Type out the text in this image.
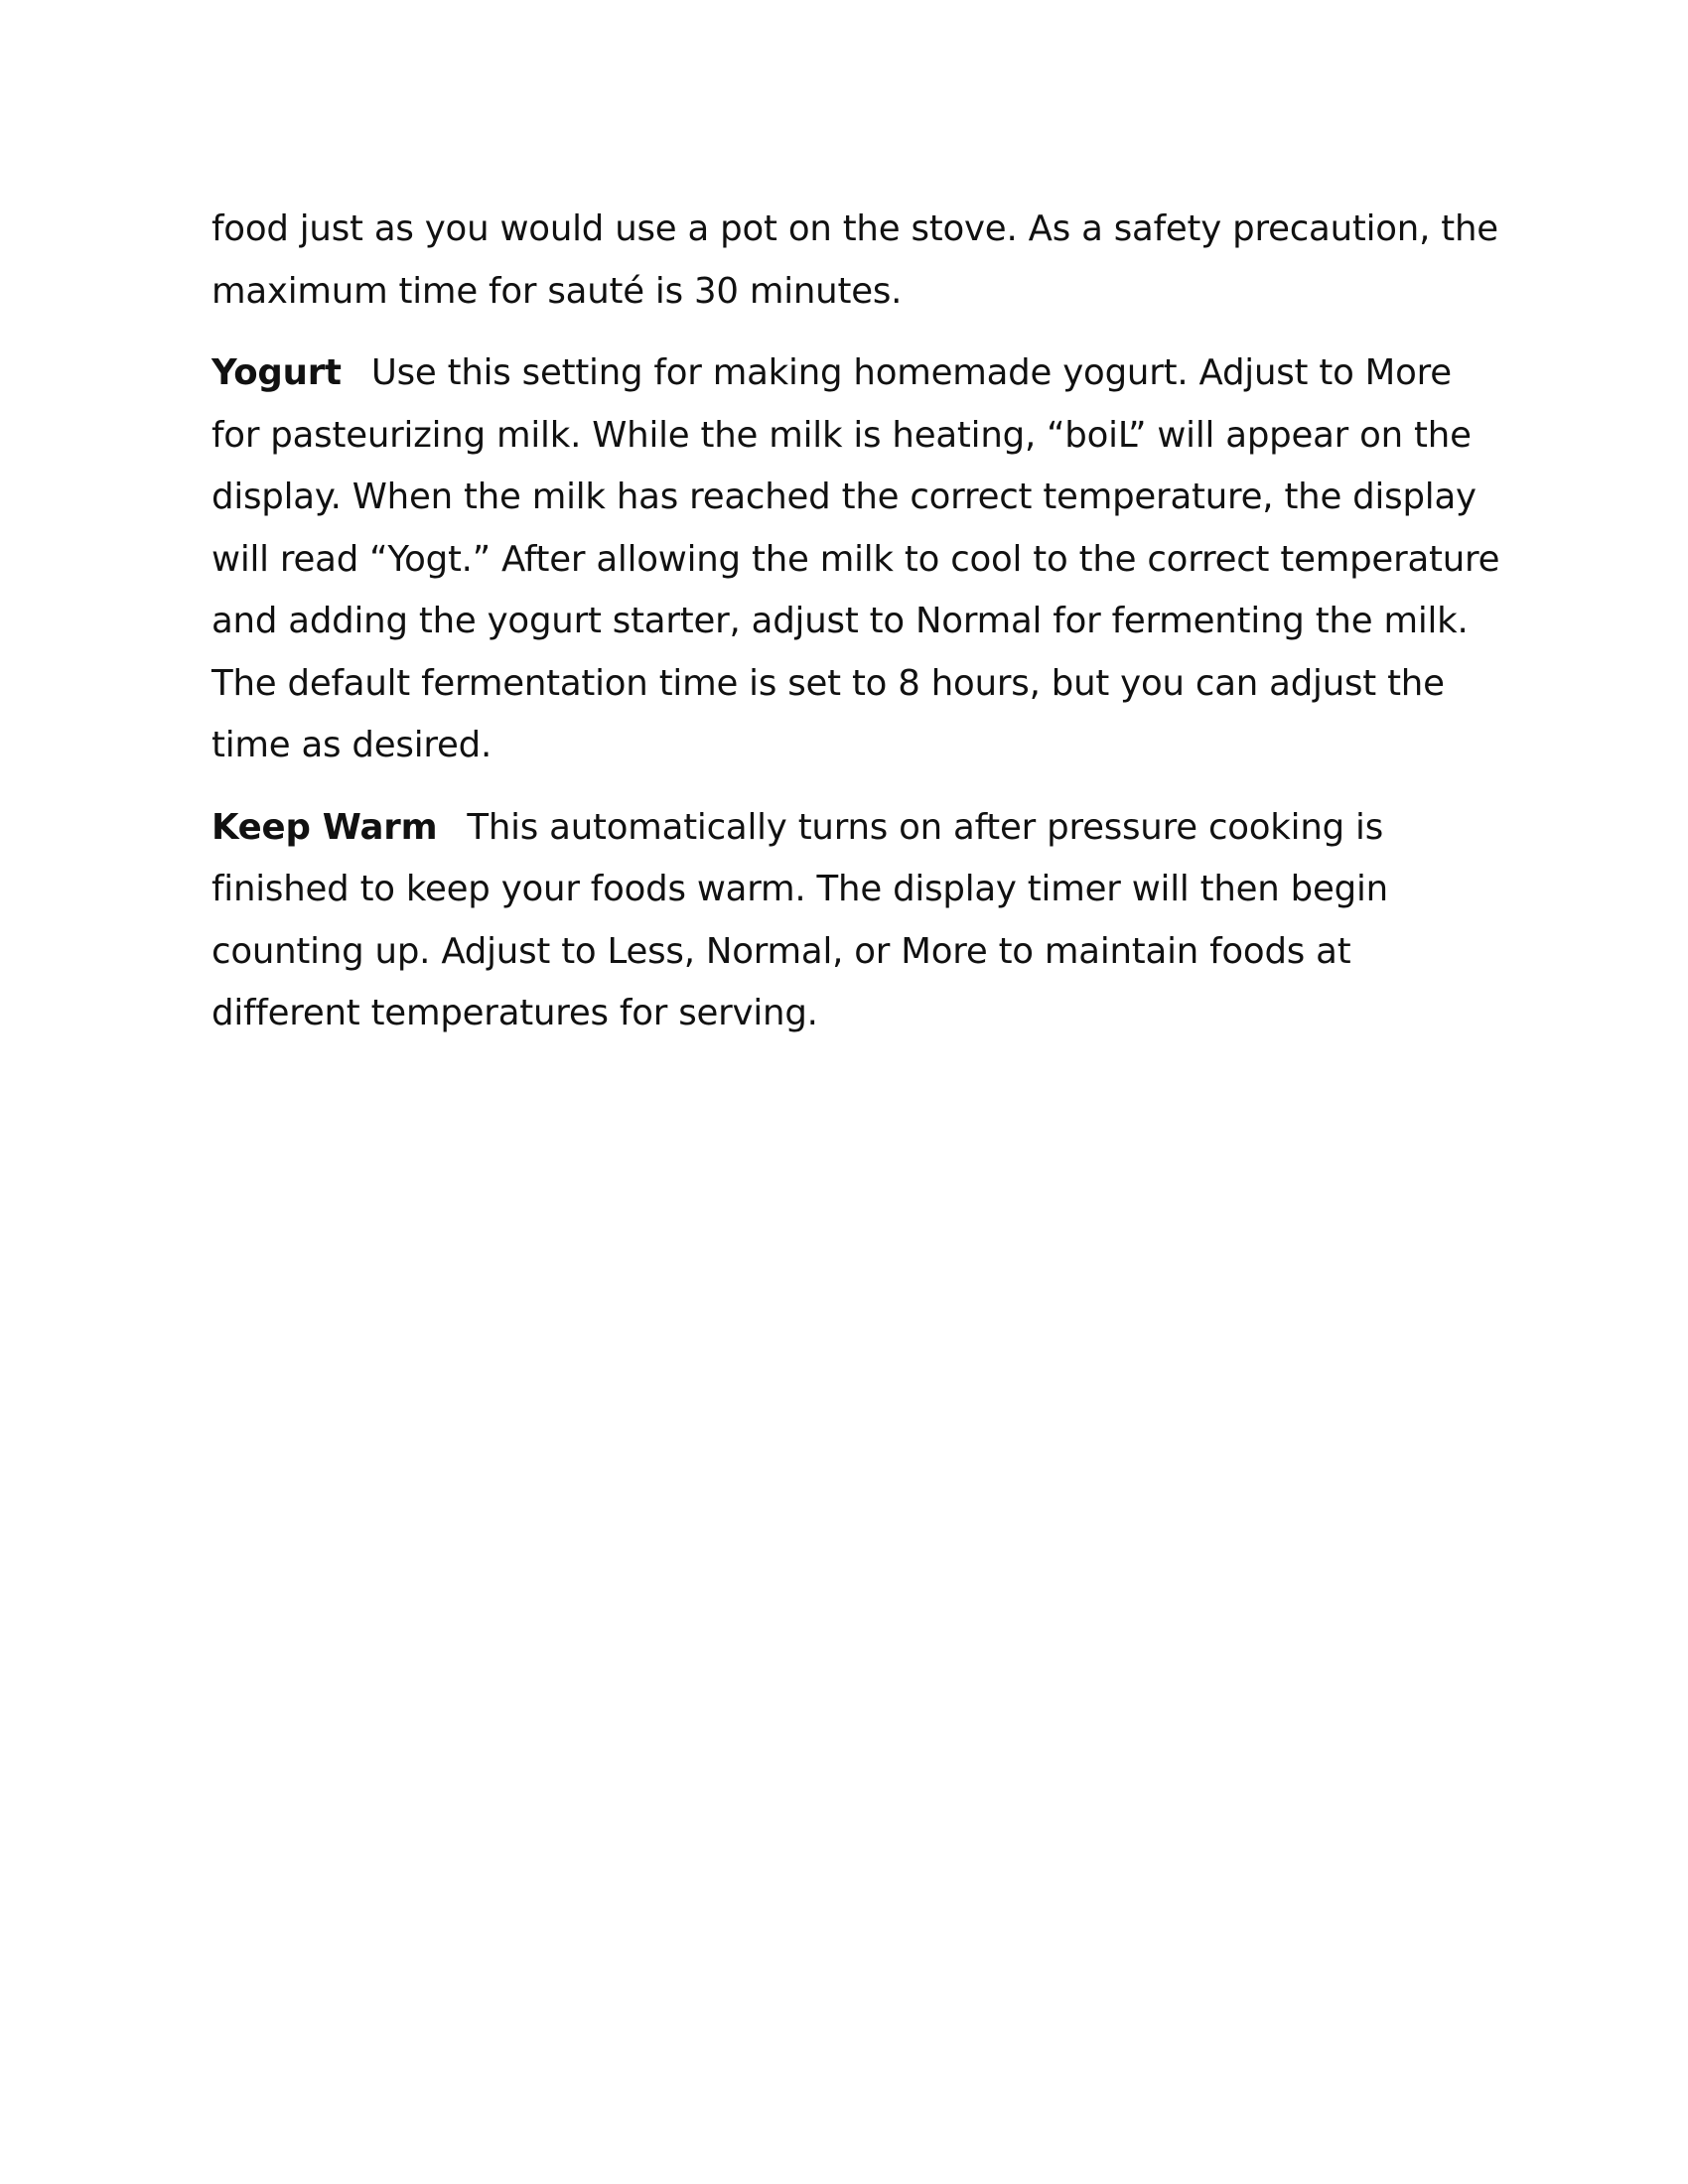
food just as you would use a pot on the stove. As a safety precaution, the maximum time for sauté is 30 minutes.

Yogurt Use this setting for making homemade yogurt. Adjust to More for pasteurizing milk. While the milk is heating, “boiL” will appear on the display. When the milk has reached the correct temperature, the display will read “Yogt.” After allowing the milk to cool to the correct temperature and adding the yogurt starter, adjust to Normal for fermenting the milk. The default fermentation time is set to 8 hours, but you can adjust the time as desired.

Keep Warm This automatically turns on after pressure cooking is finished to keep your foods warm. The display timer will then begin counting up. Adjust to Less, Normal, or More to maintain foods at different temperatures for serving.
